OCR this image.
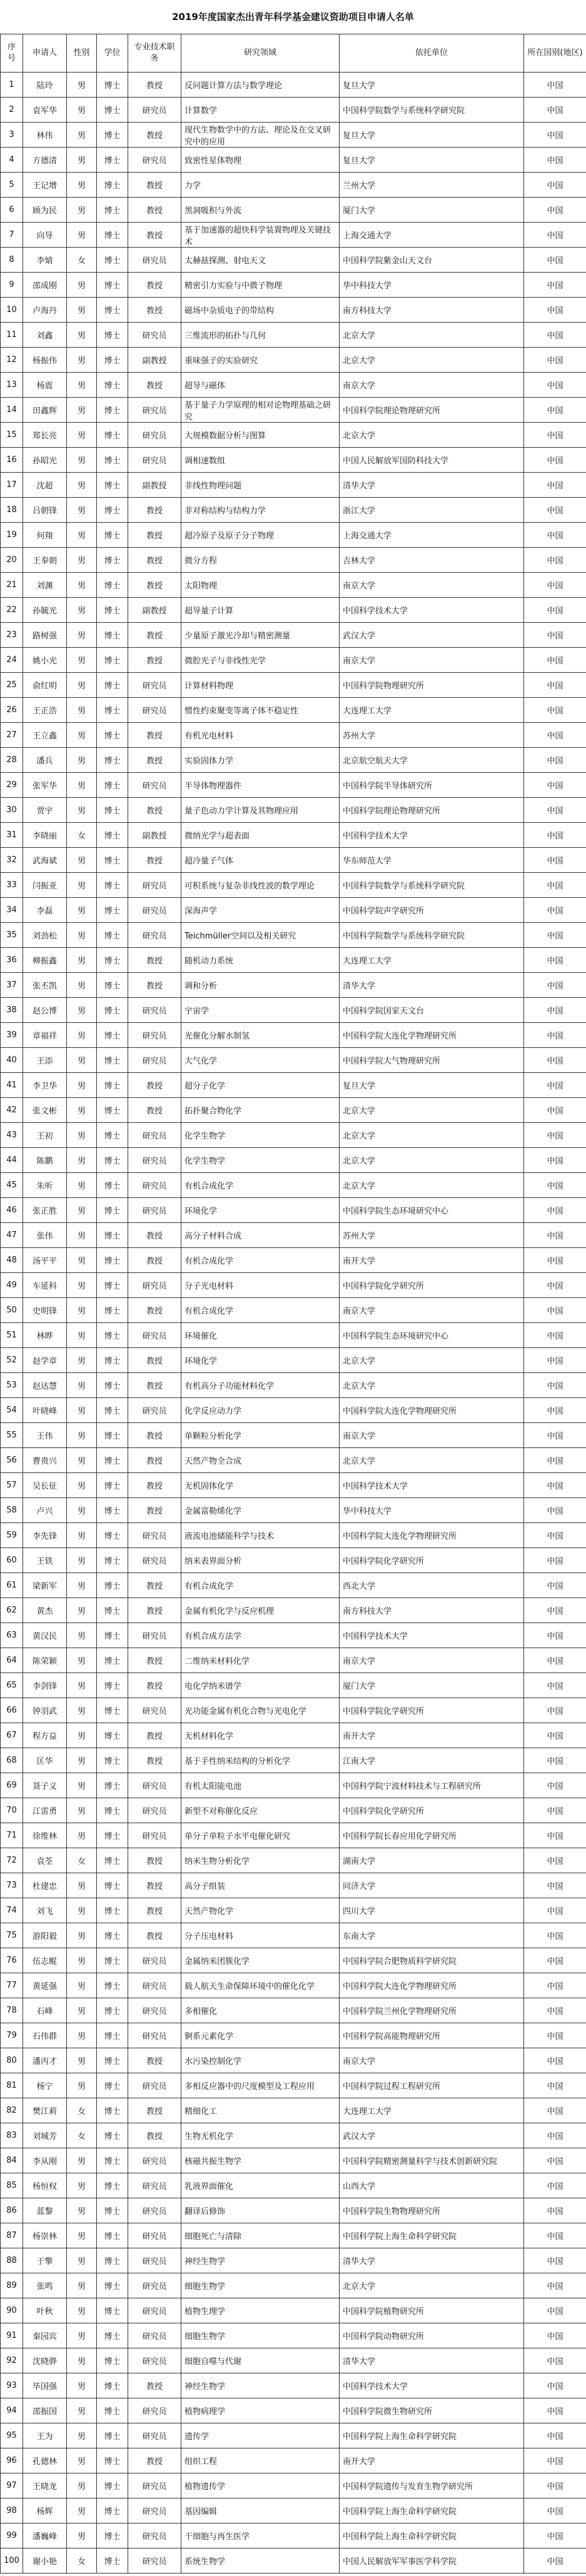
2019年度国家杰出青年科学基金建议资助项目申请人名单
序号	申请人	性别	学位	专业技术职务	研究领域	依托单位	所在国别(地区)
1	陆玲	男	博士	教授	反问题计算方法与数学理论	复旦大学	中国
2	袁军华	男	博士	研究员	计算数学	中国科学院数学与系统科学研究院	中国
3	林伟	男	博士	教授	现代生物数学中的方法、理论及在交叉研究中的应用	复旦大学	中国
4	方德清	男	博士	研究员	致密性星体物理	复旦大学	中国
5	王记增	男	博士	教授	力学	兰州大学	中国
6	顾为民	男	博士	教授	黑洞吸积与外流	厦门大学	中国
7	向导	男	博士	教授	基于加速器的超快科学装置物理及关键技术	上海交通大学	中国
8	李婧	女	博士	研究员	太赫兹探测、射电天文	中国科学院紫金山天文台	中国
9	邵成刚	男	博士	教授	精密引力实验与中微子物理	华中科技大学	中国
10	卢海丹	男	博士	教授	磁场中杂质电子的带结构	南方科技大学	中国
11	刘鑫	男	博士	研究员	三维流形的拓扑与几何	北京大学	中国
12	杨振伟	男	博士	副教授	重味强子的实验研究	北京大学	中国
13	杨震	男	博士	教授	超导与磁体	南京大学	中国
14	田鑫辉	男	博士	研究员	基于量子力学原理的相对论物理基础之研究	中国科学院理论物理研究所	中国
15	郑长亮	男	博士	研究员	大规模数据分析与图算	北京大学	中国
16	孙昭光	男	博士	研究员	调相速数组	中国人民解放军国防科技大学	中国
17	沈超	男	博士	副教授	非线性物理问题	清华大学	中国
18	吕朝锋	男	博士	教授	非对称结构与结构力学	浙江大学	中国
19	何翔	男	博士	教授	超冷原子及原子分子物理	上海交通大学	中国
20	王奉朝	男	博士	教授	微分方程	吉林大学	中国
21	刘渊	男	博士	教授	太阳物理	南京大学	中国
22	孙毓光	男	博士	副教授	超导量子计算	中国科学技术大学	中国
23	路树强	男	博士	教授	少量原子激光冷却与精密测量	武汉大学	中国
24	姚小光	男	博士	教授	微腔光子与非线性光学	南京大学	中国
25	俞红明	男	博士	研究员	计算材料物理	中国科学院物理研究所	中国
26	王正浩	男	博士	研究员	惯性约束聚变等离子体不稳定性	大连理工大学	中国
27	王立鑫	男	博士	教授	有机光电材料	苏州大学	中国
28	潘兵	男	博士	教授	实验固体力学	北京航空航天大学	中国
29	张军华	男	博士	研究员	半导体物理器件	中国科学院半导体研究所	中国
30	贾宇	男	博士	教授	量子色动力学计算及其物理应用	中国科学院理论物理研究所	中国
31	李晓丽	女	博士	副教授	微纳光学与超表面	中国科学技术大学	中国
32	武海斌	男	博士	教授	超冷量子气体	华东师范大学	中国
33	闫振亚	男	博士	研究员	可积系统与复杂非线性波的数学理论	中国科学院数学与系统科学研究院	中国
34	李磊	男	博士	研究员	深海声学	中国科学院声学研究所	中国
35	刘劲松	男	博士	研究员	Teichmüller空间以及相关研究	中国科学院数学与系统科学研究院	中国
36	柳振鑫	男	博士	教授	随机动力系统	大连理工大学	中国
37	张丕凯	男	博士	教授	调和分析	清华大学	中国
38	赵公博	男	博士	研究员	宇宙学	中国科学院国家天文台	中国
39	章福祥	男	博士	研究员	光催化分解水制氢	中国科学院大连化学物理研究所	中国
40	王添	男	博士	研究员	大气化学	中国科学院大气物理研究所	中国
41	李卫华	男	博士	教授	超分子化学	复旦大学	中国
42	张文彬	男	博士	教授	拓扑聚合物化学	北京大学	中国
43	王初	男	博士	研究员	化学生物学	北京大学	中国
44	陈鹏	男	博士	研究员	化学生物学	北京大学	中国
45	朱听	男	博士	研究员	有机合成化学	北京大学	中国
46	张正胜	男	博士	研究员	环境化学	中国科学院生态环境研究中心	中国
47	张伟	男	博士	教授	高分子材料合成	苏州大学	中国
48	汤平平	男	博士	教授	有机合成化学	南开大学	中国
49	车延科	男	博士	研究员	分子光电材料	中国科学院化学研究所	中国
50	史明锋	男	博士	教授	有机合成化学	南京大学	中国
51	林晔	男	博士	研究员	环境催化	中国科学院生态环境研究中心	中国
52	赵学章	男	博士	教授	环境化学	北京大学	中国
53	赵达慧	男	博士	教授	有机高分子功能材料化学	北京大学	中国
54	叶晓峰	男	博士	研究员	化学反应动力学	中国科学院大连化学物理研究所	中国
55	王伟	男	博士	教授	单颗粒分析化学	南京大学	中国
56	曹贵兴	男	博士	教授	天然产物全合成	北京大学	中国
57	吴长征	男	博士	教授	无机固体化学	中国科学技术大学	中国
58	卢兴	男	博士	教授	金属富勒烯化学	华中科技大学	中国
59	李先锋	男	博士	研究员	液流电池储能科学与技术	中国科学院大连化学物理研究所	中国
60	王铁	男	博士	研究员	纳米表界面分析	中国科学院化学研究所	中国
61	梁新军	男	博士	教授	有机合成化学	西北大学	中国
62	黄杰	男	博士	教授	金属有机化学与反应机理	南方科技大学	中国
63	黄汉民	男	博士	研究员	有机合成方法学	中国科学技术大学	中国
64	陈荣颖	男	博士	教授	二维纳米材料化学	南京大学	中国
65	李剑锋	男	博士	教授	电化学纳米谱学	厦门大学	中国
66	钟羽武	男	博士	研究员	光功能金属有机化合物与光电化学	中国科学院化学研究所	中国
67	程方益	男	博士	教授	无机材料化学	南开大学	中国
68	匡华	男	博士	教授	基于手性纳米结构的分析化学	江南大学	中国
69	聂子义	男	博士	研究员	有机太阳能电池	中国科学院宁波材料技术与工程研究所	中国
70	江雷勇	男	博士	研究员	新型不对称催化反应	中国科学院化学研究所	中国
71	徐维林	男	博士	研究员	单分子单粒子水平电催化研究	中国科学院长春应用化学研究所	中国
72	袁荃	女	博士	教授	纳米生物分析化学	湖南大学	中国
73	杜建忠	男	博士	教授	高分子组装	同济大学	中国
74	刘飞	男	博士	教授	天然产物化学	四川大学	中国
75	游阳毅	男	博士	教授	分子压电材料	东南大学	中国
76	伍志鲲	男	博士	研究员	金属纳米团簇化学	中国科学院合肥物质科学研究院	中国
77	黄延强	男	博士	研究员	载人航天生命保障环境中的催化化学	中国科学院大连化学物理研究所	中国
78	石峰	男	博士	研究员	多相催化	中国科学院兰州化学物理研究所	中国
79	石伟群	男	博士	研究员	锕系元素化学	中国科学院高能物理研究所	中国
80	潘丙才	男	博士	教授	水污染控制化学	南京大学	中国
81	杨宁	男	博士	研究员	多相反应器中的尺度模型及工程应用	中国科学院过程工程研究所	中国
82	樊江莉	女	博士	教授	精细化工	大连理工大学	中国
83	刘城芳	女	博士	教授	生物无机化学	武汉大学	中国
84	李从刚	男	博士	研究员	核磁共振生物学	中国科学院精密测量科学与技术创新研究院	中国
85	杨恒权	男	博士	研究员	乳液界面催化	山西大学	中国
86	蓝黎	男	博士	研究员	翻译后修饰	中国科学院生物物理研究所	中国
87	杨崇林	男	博士	研究员	细胞死亡与清除	中国科学院上海生命科学研究院	中国
88	于擎	男	博士	研究员	神经生物学	清华大学	中国
89	张鸣	男	博士	研究员	细胞生物学	北京大学	中国
90	叶秋	男	博士	研究员	植物生理学	中国科学院植物研究所	中国
91	秦园宾	男	博士	研究员	细胞生物学	中国科学院动物研究所	中国
92	沈晓骅	男	博士	研究员	细胞自噬与代谢	清华大学	中国
93	毕国强	男	博士	教授	神经生物学	中国科学技术大学	中国
94	邵振国	男	博士	研究员	植物病理学	中国科学院微生物研究所	中国
95	王为	男	博士	研究员	遗传学	中国科学院上海生命科学研究院	中国
96	孔德林	男	博士	教授	组织工程	南开大学	中国
97	王晓龙	男	博士	研究员	植物遗传学	中国科学院遗传与发育生物学研究所	中国
98	杨辉	男	博士	研究员	基因编辑	中国科学院上海生命科学研究院	中国
99	潘巍峰	男	博士	研究员	干细胞与再生医学	中国科学院上海生命科学研究院	中国
100	谢小艳	女	博士	研究员	系统生物学	中国人民解放军军事医学科学院	中国
